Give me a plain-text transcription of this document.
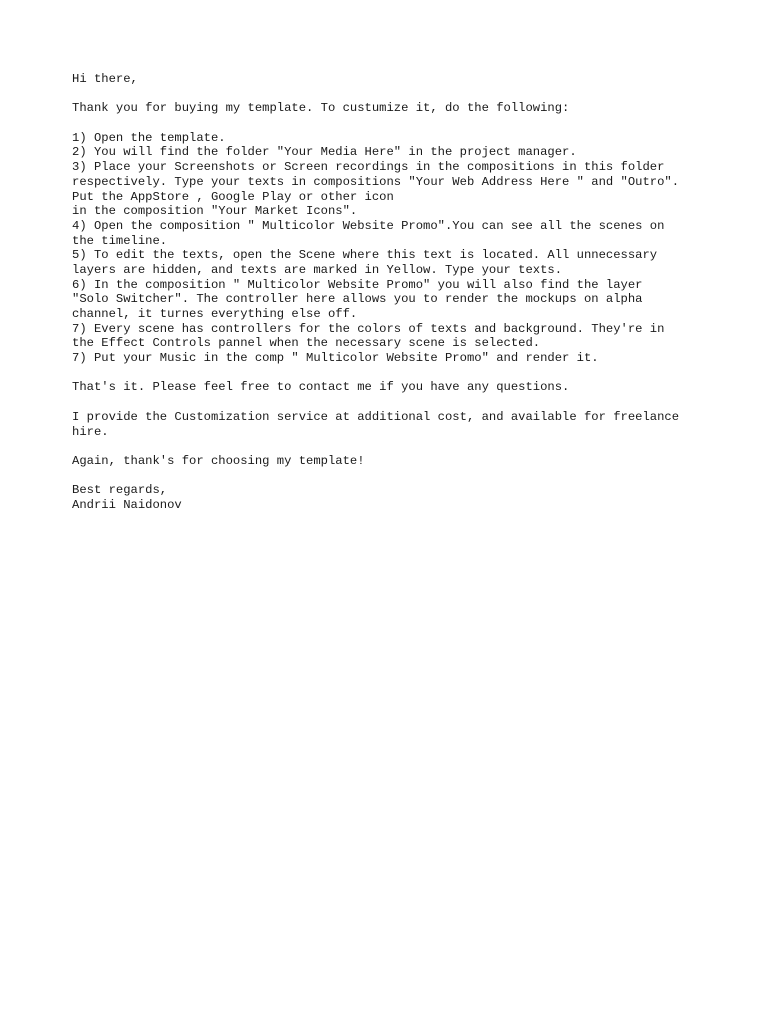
Hi there,
Thank you for buying my template. To custumize it, do the following:
1) Open the template.
2) You will find the folder "Your Media Here" in the project manager.
3) Place your Screenshots or Screen recordings in the compositions in this folder
respectively. Type your texts in compositions "Your Web Address Here " and "Outro".
Put the AppStore , Google Play or other icon
in the composition "Your Market Icons".
4) Open the composition " Multicolor Website Promo".You can see all the scenes on
the timeline.
5) To edit the texts, open the Scene where this text is located. All unnecessary
layers are hidden, and texts are marked in Yellow. Type your texts.
6) In the composition " Multicolor Website Promo" you will also find the layer
"Solo Switcher". The controller here allows you to render the mockups on alpha
channel, it turnes everything else off.
7) Every scene has controllers for the colors of texts and background. They're in
the Effect Controls pannel when the necessary scene is selected.
7) Put your Music in the comp " Multicolor Website Promo" and render it.
That's it. Please feel free to contact me if you have any questions.
I provide the Customization service at additional cost, and available for freelance
hire.
Again, thank's for choosing my template!
Best regards,
Andrii Naidonov
